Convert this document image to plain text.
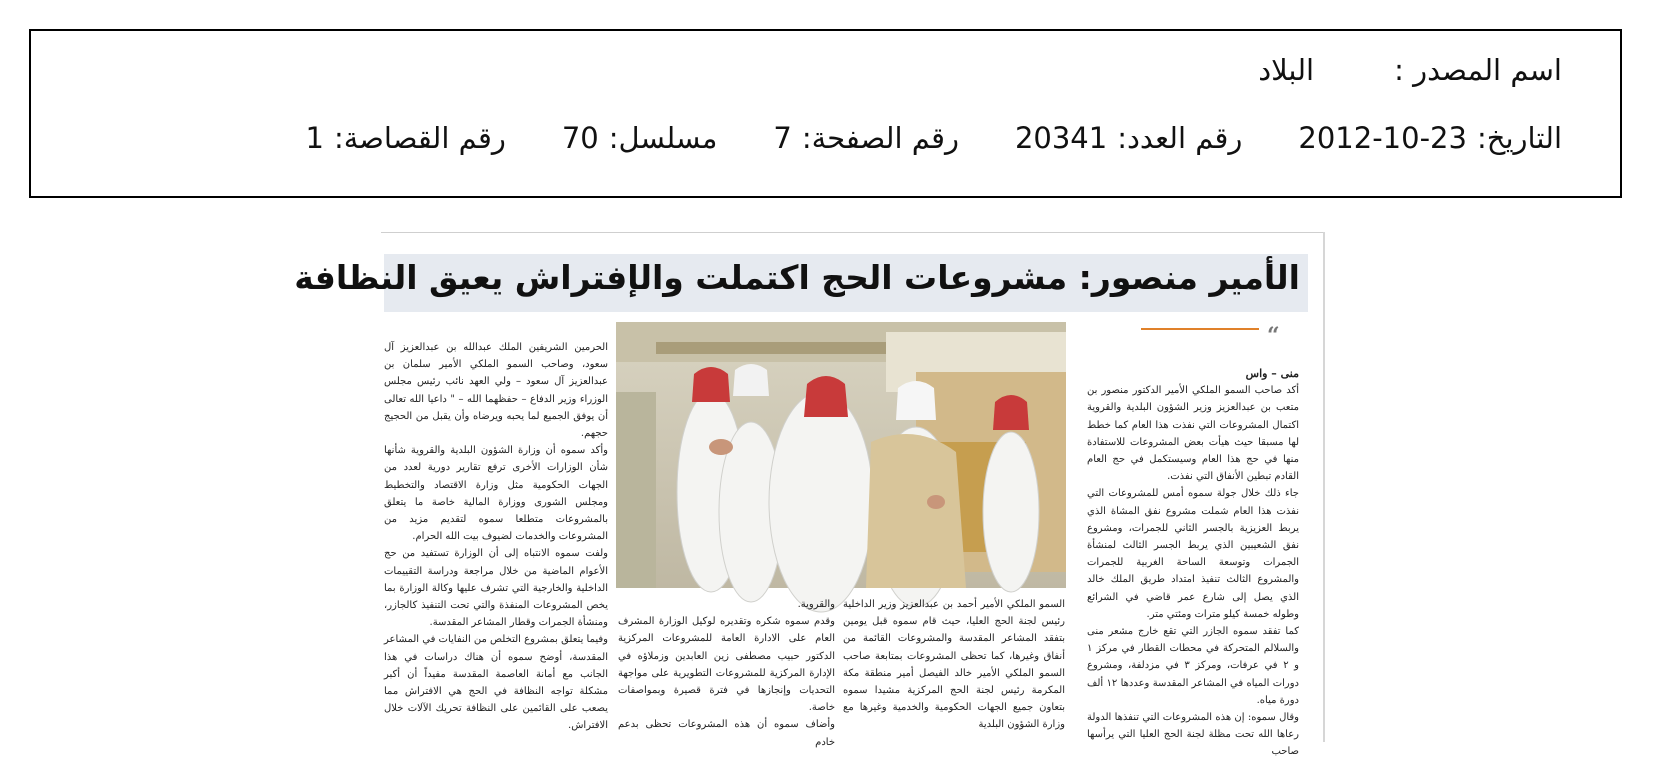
اسم المصدر :
البلاد
التاريخ:
2012-10-23
رقم العدد:
20341
رقم الصفحة:
7
مسلسل:
70
رقم القصاصة:
1
الأمير منصور: مشروعات الحج اكتملت والإفتراش يعيق النظافة
“

منى – واس

أكد صاحب السمو الملكي الأمير الدكتور منصور بن متعب بن عبدالعزيز وزير الشؤون البلدية والقروية اكتمال المشروعات التي نفذت هذا العام كما خطط لها مسبقا حيث هيأت بعض المشروعات للاستفادة منها في حج هذا العام وسيستكمل في حج العام القادم تبطين الأنفاق التي نفذت.

جاء ذلك خلال جولة سموه أمس للمشروعات التي نفذت هذا العام شملت مشروع نفق المشاة الذي يربط العزيزية بالجسر الثاني للجمرات، ومشروع نفق الشعيبين الذي يربط الجسر الثالث لمنشأة الجمرات وتوسعة الساحة الغربية للجمرات والمشروع الثالث تنفيذ امتداد طريق الملك خالد الذي يصل إلى شارع عمر قاضي في الشرائع وطوله خمسة كيلو مترات ومئتي متر.

كما تفقد سموه الجازر التي تقع خارج مشعر منى والسلالم المتحركة في محطات القطار في مركز ١ و ٢ في عرفات، ومركز ٣ في مزدلفة، ومشروع دورات المياه في المشاعر المقدسة وعددها ١٢ ألف دورة مياه.

وقال سموه: إن هذه المشروعات التي تنفذها الدولة رعاها الله تحت مظلة لجنة الحج العليا التي يرأسها صاحب

السمو الملكي الأمير أحمد بن عبدالعزيز وزير الداخلية رئيس لجنة الحج العليا، حيث قام سموه قبل يومين بتفقد المشاعر المقدسة والمشروعات القائمة من أنفاق وغيرها، كما تحظى المشروعات بمتابعة صاحب السمو الملكي الأمير خالد الفيصل أمير منطقة مكة المكرمة رئيس لجنة الحج المركزية مشيدا سموه بتعاون جميع الجهات الحكومية والخدمية وغيرها مع وزارة الشؤون البلدية

والقروية.

وقدم سموه شكره وتقديره لوكيل الوزارة المشرف العام على الادارة العامة للمشروعات المركزية الدكتور حبيب مصطفى زين العابدين وزملاؤه في الإدارة المركزية للمشروعات التطويرية على مواجهة التحديات وإنجازها في فترة قصيرة وبمواصفات خاصة.

وأضاف سموه أن هذه المشروعات تحظى بدعم خادم

الحرمين الشريفين الملك عبدالله بن عبدالعزيز آل سعود، وصاحب السمو الملكي الأمير سلمان بن عبدالعزيز آل سعود – ولي العهد نائب رئيس مجلس الوزراء وزير الدفاع – حفظهما الله – " داعيا الله تعالى أن يوفق الجميع لما يحبه ويرضاه وأن يقبل من الحجيج حجهم.

وأكد سموه أن وزارة الشؤون البلدية والقروية شأنها شأن الوزارات الأخرى ترفع تقارير دورية لعدد من الجهات الحكومية مثل وزارة الاقتصاد والتخطيط ومجلس الشورى ووزارة المالية خاصة ما يتعلق بالمشروعات متطلعا سموه لتقديم مزيد من المشروعات والخدمات لضيوف بيت الله الحرام.

ولفت سموه الانتباه إلى أن الوزارة تستفيد من حج الأعوام الماضية من خلال مراجعة ودراسة التقييمات الداخلية والخارجية التي تشرف عليها وكالة الوزارة بما يخص المشروعات المنفذة والتي تحت التنفيذ كالجازر، ومنشأة الجمرات وقطار المشاعر المقدسة.

وفيما يتعلق بمشروع التخلص من النفايات في المشاعر المقدسة، أوضح سموه أن هناك دراسات في هذا الجانب مع أمانة العاصمة المقدسة مفيداً أن أكبر مشكلة تواجه النظافة في الحج هي الافتراش مما يصعب على القائمين على النظافة تحريك الآلات خلال الافتراش.
